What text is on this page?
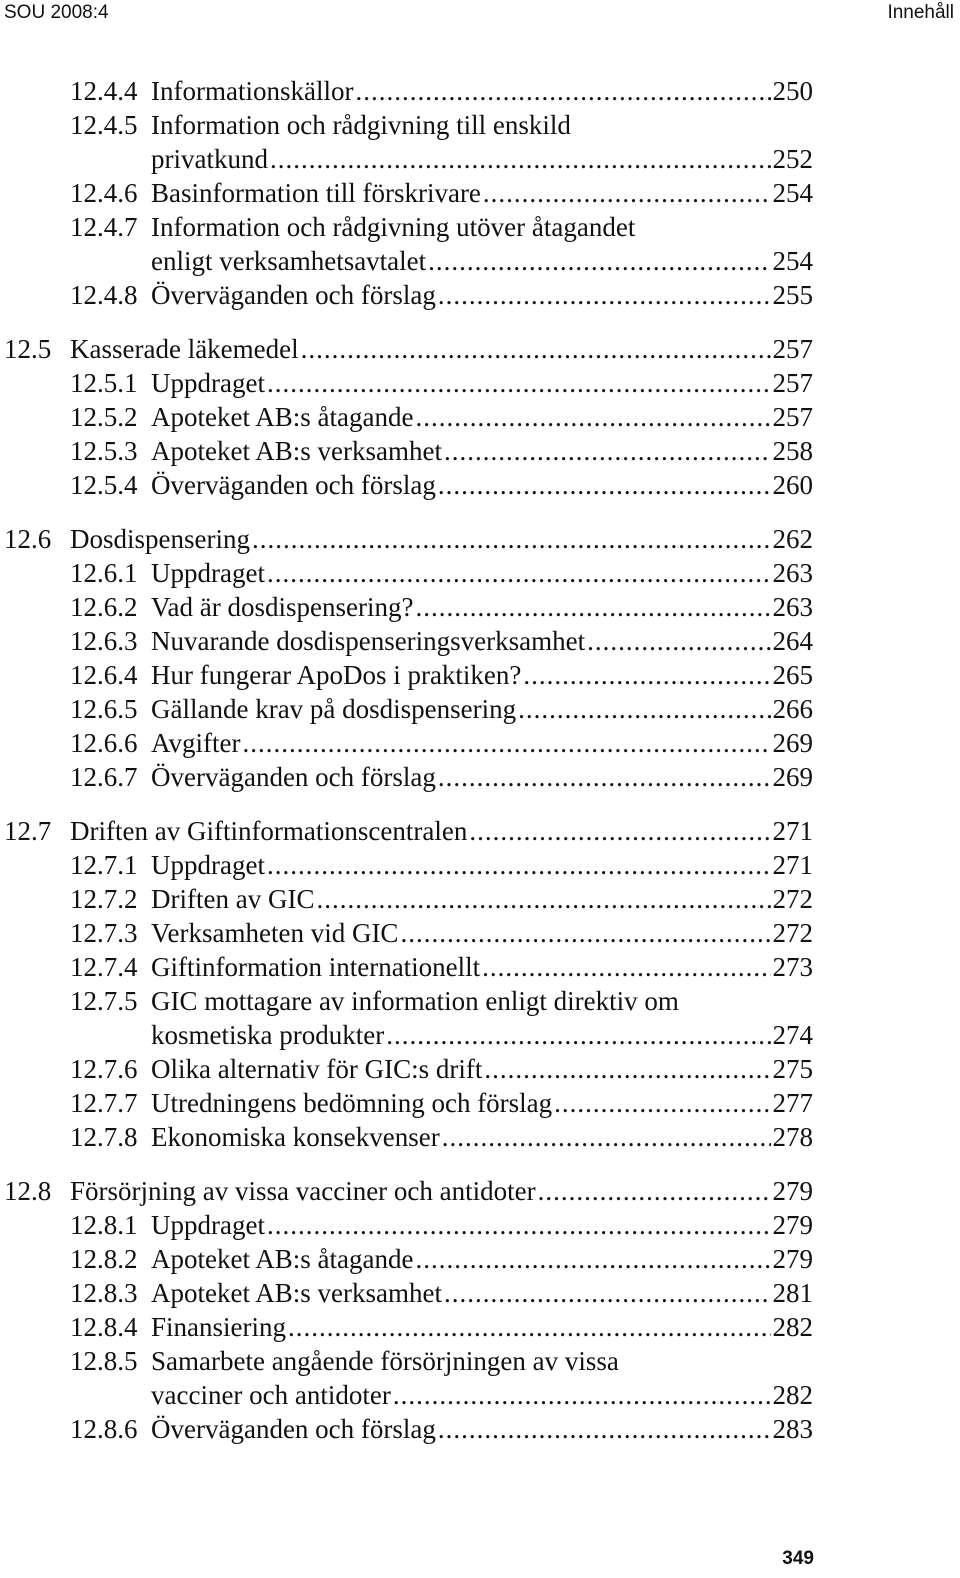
SOU 2008:4	Innehåll
12.4.4 Informationskällor .....	250
12.4.5 Information och rådgivning till enskild
privatkund .....	252
12.4.6 Basinformation till förskrivare .....	254
12.4.7 Information och rådgivning utöver åtagandet
enligt verksamhetsavtalet .....	254
12.4.8 Överväganden och förslag .....	255
12.5 Kasserade läkemedel .....	257
12.5.1 Uppdraget .....	257
12.5.2 Apoteket AB:s åtagande .....	257
12.5.3 Apoteket AB:s verksamhet .....	258
12.5.4 Överväganden och förslag .....	260
12.6 Dosdispensering .....	262
12.6.1 Uppdraget .....	263
12.6.2 Vad är dosdispensering? .....	263
12.6.3 Nuvarande dosdispenseringsverksamhet .....	264
12.6.4 Hur fungerar ApoDos i praktiken? .....	265
12.6.5 Gällande krav på dosdispensering .....	266
12.6.6 Avgifter .....	269
12.6.7 Överväganden och förslag .....	269
12.7 Driften av Giftinformationscentralen .....	271
12.7.1 Uppdraget .....	271
12.7.2 Driften av GIC .....	272
12.7.3 Verksamheten vid GIC .....	272
12.7.4 Giftinformation internationellt .....	273
12.7.5 GIC mottagare av information enligt direktiv om
kosmetiska produkter .....	274
12.7.6 Olika alternativ för GIC:s drift .....	275
12.7.7 Utredningens bedömning och förslag .....	277
12.7.8 Ekonomiska konsekvenser .....	278
12.8 Försörjning av vissa vacciner och antidoter .....	279
12.8.1 Uppdraget .....	279
12.8.2 Apoteket AB:s åtagande .....	279
12.8.3 Apoteket AB:s verksamhet .....	281
12.8.4 Finansiering .....	282
12.8.5 Samarbete angående försörjningen av vissa
vacciner och antidoter .....	282
12.8.6 Överväganden och förslag .....	283
349
